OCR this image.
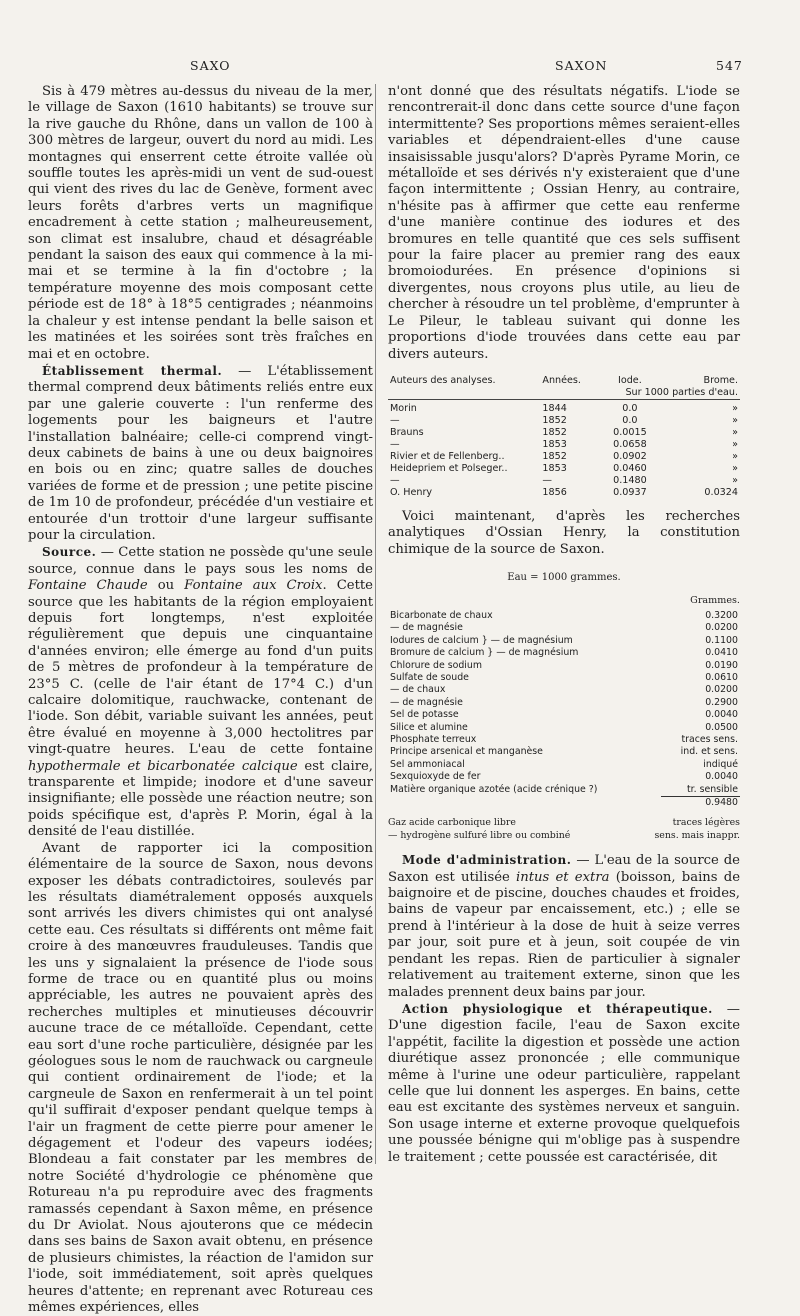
SAXO	SAXON	547

Sis à 479 mètres au-dessus du niveau de la mer, le village de Saxon (1610 habitants) se trouve sur la rive gauche du Rhône, dans un vallon de 100 à 300 mètres de largeur, ouvert du nord au midi. Les montagnes qui enserrent cette étroite vallée où souffle toutes les après-midi un vent de sud-ouest qui vient des rives du lac de Genève, forment avec leurs forêts d'arbres verts un magnifique encadrement à cette station ; malheureusement, son climat est insalubre, chaud et désagréable pendant la saison des eaux qui commence à la mi-mai et se termine à la fin d'octobre ; la température moyenne des mois composant cette période est de 18° à 18°5 centigrades ; néanmoins la chaleur y est intense pendant la belle saison et les matinées et les soirées sont très fraîches en mai et en octobre.

Établissement thermal. — L'établissement thermal comprend deux bâtiments reliés entre eux par une galerie couverte : l'un renferme des logements pour les baigneurs et l'autre l'installation balnéaire; celle-ci comprend vingt-deux cabinets de bains à une ou deux baignoires en bois ou en zinc; quatre salles de douches variées de forme et de pression ; une petite piscine de 1m 10 de profondeur, précédée d'un vestiaire et entourée d'un trottoir d'une largeur suffisante pour la circulation.

Source. — Cette station ne possède qu'une seule source, connue dans le pays sous les noms de Fontaine Chaude ou Fontaine aux Croix. Cette source que les habitants de la région employaient depuis fort longtemps, n'est exploitée régulièrement que depuis une cinquantaine d'années environ; elle émerge au fond d'un puits de 5 mètres de profondeur à la température de 23°5 C. (celle de l'air étant de 17°4 C.) d'un calcaire dolomitique, rauchwacke, contenant de l'iode. Son débit, variable suivant les années, peut être évalué en moyenne à 3,000 hectolitres par vingt-quatre heures. L'eau de cette fontaine hypothermale et bicarbonatée calcique est claire, transparente et limpide; inodore et d'une saveur insignifiante; elle possède une réaction neutre; son poids spécifique est, d'après P. Morin, égal à la densité de l'eau distillée.

Avant de rapporter ici la composition élémentaire de la source de Saxon, nous devons exposer les débats contradictoires, soulevés par les résultats diamétralement opposés auxquels sont arrivés les divers chimistes qui ont analysé cette eau. Ces résultats si différents ont même fait croire à des manœuvres frauduleuses. Tandis que les uns y signalaient la présence de l'iode sous forme de trace ou en quantité plus ou moins appréciable, les autres ne pouvaient après des recherches multiples et minutieuses découvrir aucune trace de ce métalloïde. Cependant, cette eau sort d'une roche particulière, désignée par les géologues sous le nom de rauchwack ou cargneule qui contient ordinairement de l'iode; et la cargneule de Saxon en renfermerait à un tel point qu'il suffirait d'exposer pendant quelque temps à l'air un fragment de cette pierre pour amener le dégagement et l'odeur des vapeurs iodées; Blondeau a fait constater par les membres de notre Société d'hydrologie ce phénomène que Rotureau n'a pu reproduire avec des fragments ramassés cependant à Saxon même, en présence du Dr Aviolat. Nous ajouterons que ce médecin dans ses bains de Saxon avait obtenu, en présence de plusieurs chimistes, la réaction de l'amidon sur l'iode, soit immédiatement, soit après quelques heures d'attente; en reprenant avec Rotureau ces mêmes expériences, elles

n'ont donné que des résultats négatifs. L'iode se rencontrerait-il donc dans cette source d'une façon intermittente? Ses proportions mêmes seraient-elles variables et dépendraient-elles d'une cause insaisissable jusqu'alors? D'après Pyrame Morin, ce métalloïde et ses dérivés n'y existeraient que d'une façon intermittente ; Ossian Henry, au contraire, n'hésite pas à affirmer que cette eau renferme d'une manière continue des iodures et des bromures en telle quantité que ces sels suffisent pour la faire placer au premier rang des eaux bromoiodurées. En présence d'opinions si divergentes, nous croyons plus utile, au lieu de chercher à résoudre un tel problème, d'emprunter à Le Pileur, le tableau suivant qui donne les proportions d'iode trouvées dans cette eau par divers auteurs.

Auteurs des analyses.	Années.	Iode.	Brome.
		Sur 1000 parties d'eau.	

Morin	1844	0.0	»
—	1852	0.0	»
Brauns	1852	0.0015	»
—	1853	0.0658	»
Rivier et de Fellenberg..	1852	0.0902	»
Heidepriem et Polseger..	1853	0.0460	»
—	—	0.1480	»
O. Henry	1856	0.0937	0.0324

Voici maintenant, d'après les recherches analytiques d'Ossian Henry, la constitution chimique de la source de Saxon.

Eau = 1000 grammes.
Grammes.
Bicarbonate de chaux	0.3200
— de magnésie	0.0200
Iodures de calcium } — de magnésium	0.1100
Bromure de calcium } — de magnésium	0.0410
Chlorure de sodium	0.0190
Sulfate de soude	0.0610
— de chaux	0.0200
— de magnésie	0.2900
Sel de potasse	0.0040
Silice et alumine	0.0500
Phosphate terreux	traces sens.
Principe arsenical et manganèse	ind. et sens.
Sel ammoniacal	indiqué
Sexquioxyde de fer	0.0040
Matière organique azotée (acide crénique ?)	tr. sensible
	0.9480
Gaz acide carbonique libre	traces légères
— hydrogène sulfuré libre ou combiné	sens. mais inappr.

Mode d'administration. — L'eau de la source de Saxon est utilisée intus et extra (boisson, bains de baignoire et de piscine, douches chaudes et froides, bains de vapeur par encaissement, etc.) ; elle se prend à l'intérieur à la dose de huit à seize verres par jour, soit pure et à jeun, soit coupée de vin pendant les repas. Rien de particulier à signaler relativement au traitement externe, sinon que les malades prennent deux bains par jour.

Action physiologique et thérapeutique. — D'une digestion facile, l'eau de Saxon excite l'appétit, facilite la digestion et possède une action diurétique assez prononcée ; elle communique même à l'urine une odeur particulière, rappelant celle que lui donnent les asperges. En bains, cette eau est excitante des systèmes nerveux et sanguin. Son usage interne et externe provoque quelquefois une poussée bénigne qui m'oblige pas à suspendre le traitement ; cette poussée est caractérisée, dit
